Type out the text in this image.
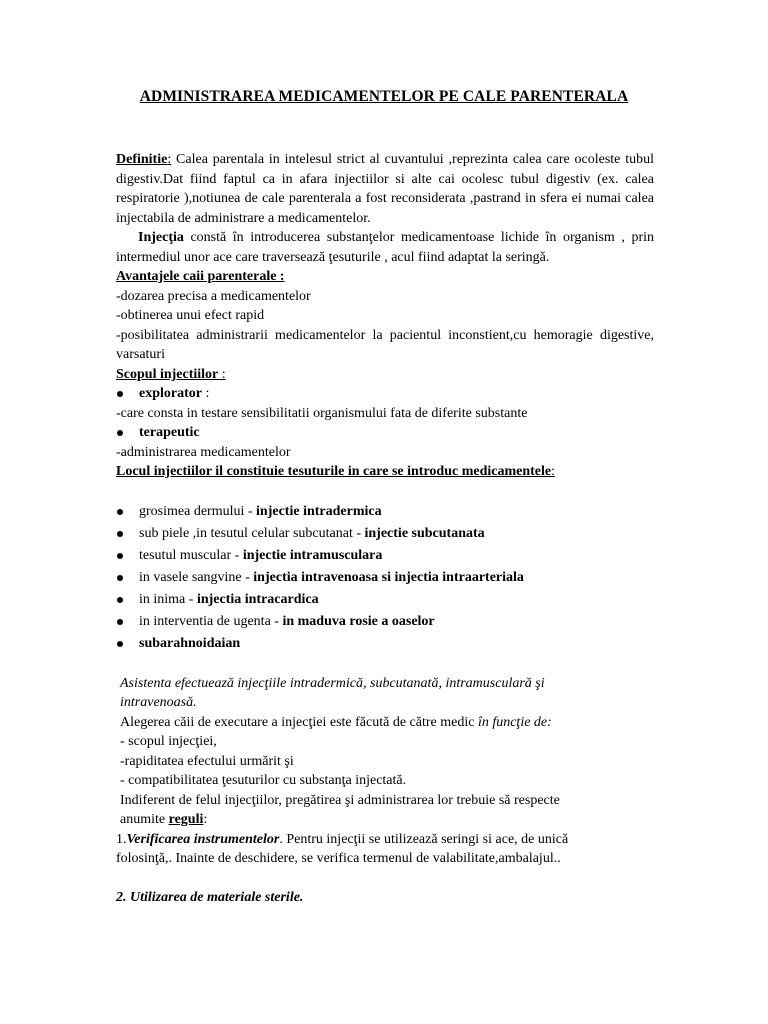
ADMINISTRAREA MEDICAMENTELOR PE CALE PARENTERALA

Definitie: Calea parentala in intelesul strict al cuvantului ,reprezinta calea care ocoleste tubul digestiv.Dat fiind faptul ca in afara injectiilor si alte cai ocolesc tubul digestiv (ex. calea respiratorie ),notiunea de cale parenterala a fost reconsiderata ,pastrand in sfera ei numai calea injectabila de administrare a medicamentelor.

Injecţia constă în introducerea substanţelor medicamentoase lichide în organism , prin intermediul unor ace care traversează ţesuturile , acul fiind adaptat la seringă.

Avantajele caii parenterale :
-dozarea precisa a medicamentelor
-obtinerea unui efect rapid
-posibilitatea administrarii medicamentelor la pacientul inconstient,cu hemoragie digestive, varsaturi
Scopul injectiilor :
explorator :
-care consta in testare sensibilitatii organismului fata de diferite substante
terapeutic
-administrarea medicamentelor
Locul injectiilor il constituie tesuturile in care se introduc medicamentele:
grosimea dermului - injectie intradermica
sub piele ,in tesutul celular subcutanat - injectie subcutanata
tesutul muscular - injectie intramusculara
in vasele sangvine - injectia intravenoasa si injectia intraarteriala
in inima - injectia intracardica
in interventia de ugenta - in maduva rosie a oaselor
subarahnoidaian
Asistenta efectuează injecţiile intradermică, subcutanată, intramusculară şi
intravenoasă.
Alegerea căii de executare a injecţiei este făcută de către medic în funcţie de:
- scopul injecţiei,
-rapiditatea efectului urmărit şi
- compatibilitatea ţesuturilor cu substanţa injectată.
Indiferent de felul injecţiilor, pregătirea şi administrarea lor trebuie să respecte
anumite reguli:
1.Verificarea instrumentelor. Pentru injecţii se utilizează seringi si ace, de unică
folosinţă,. Inainte de deschidere, se verifica termenul de valabilitate,ambalajul..
2. Utilizarea de materiale sterile.
